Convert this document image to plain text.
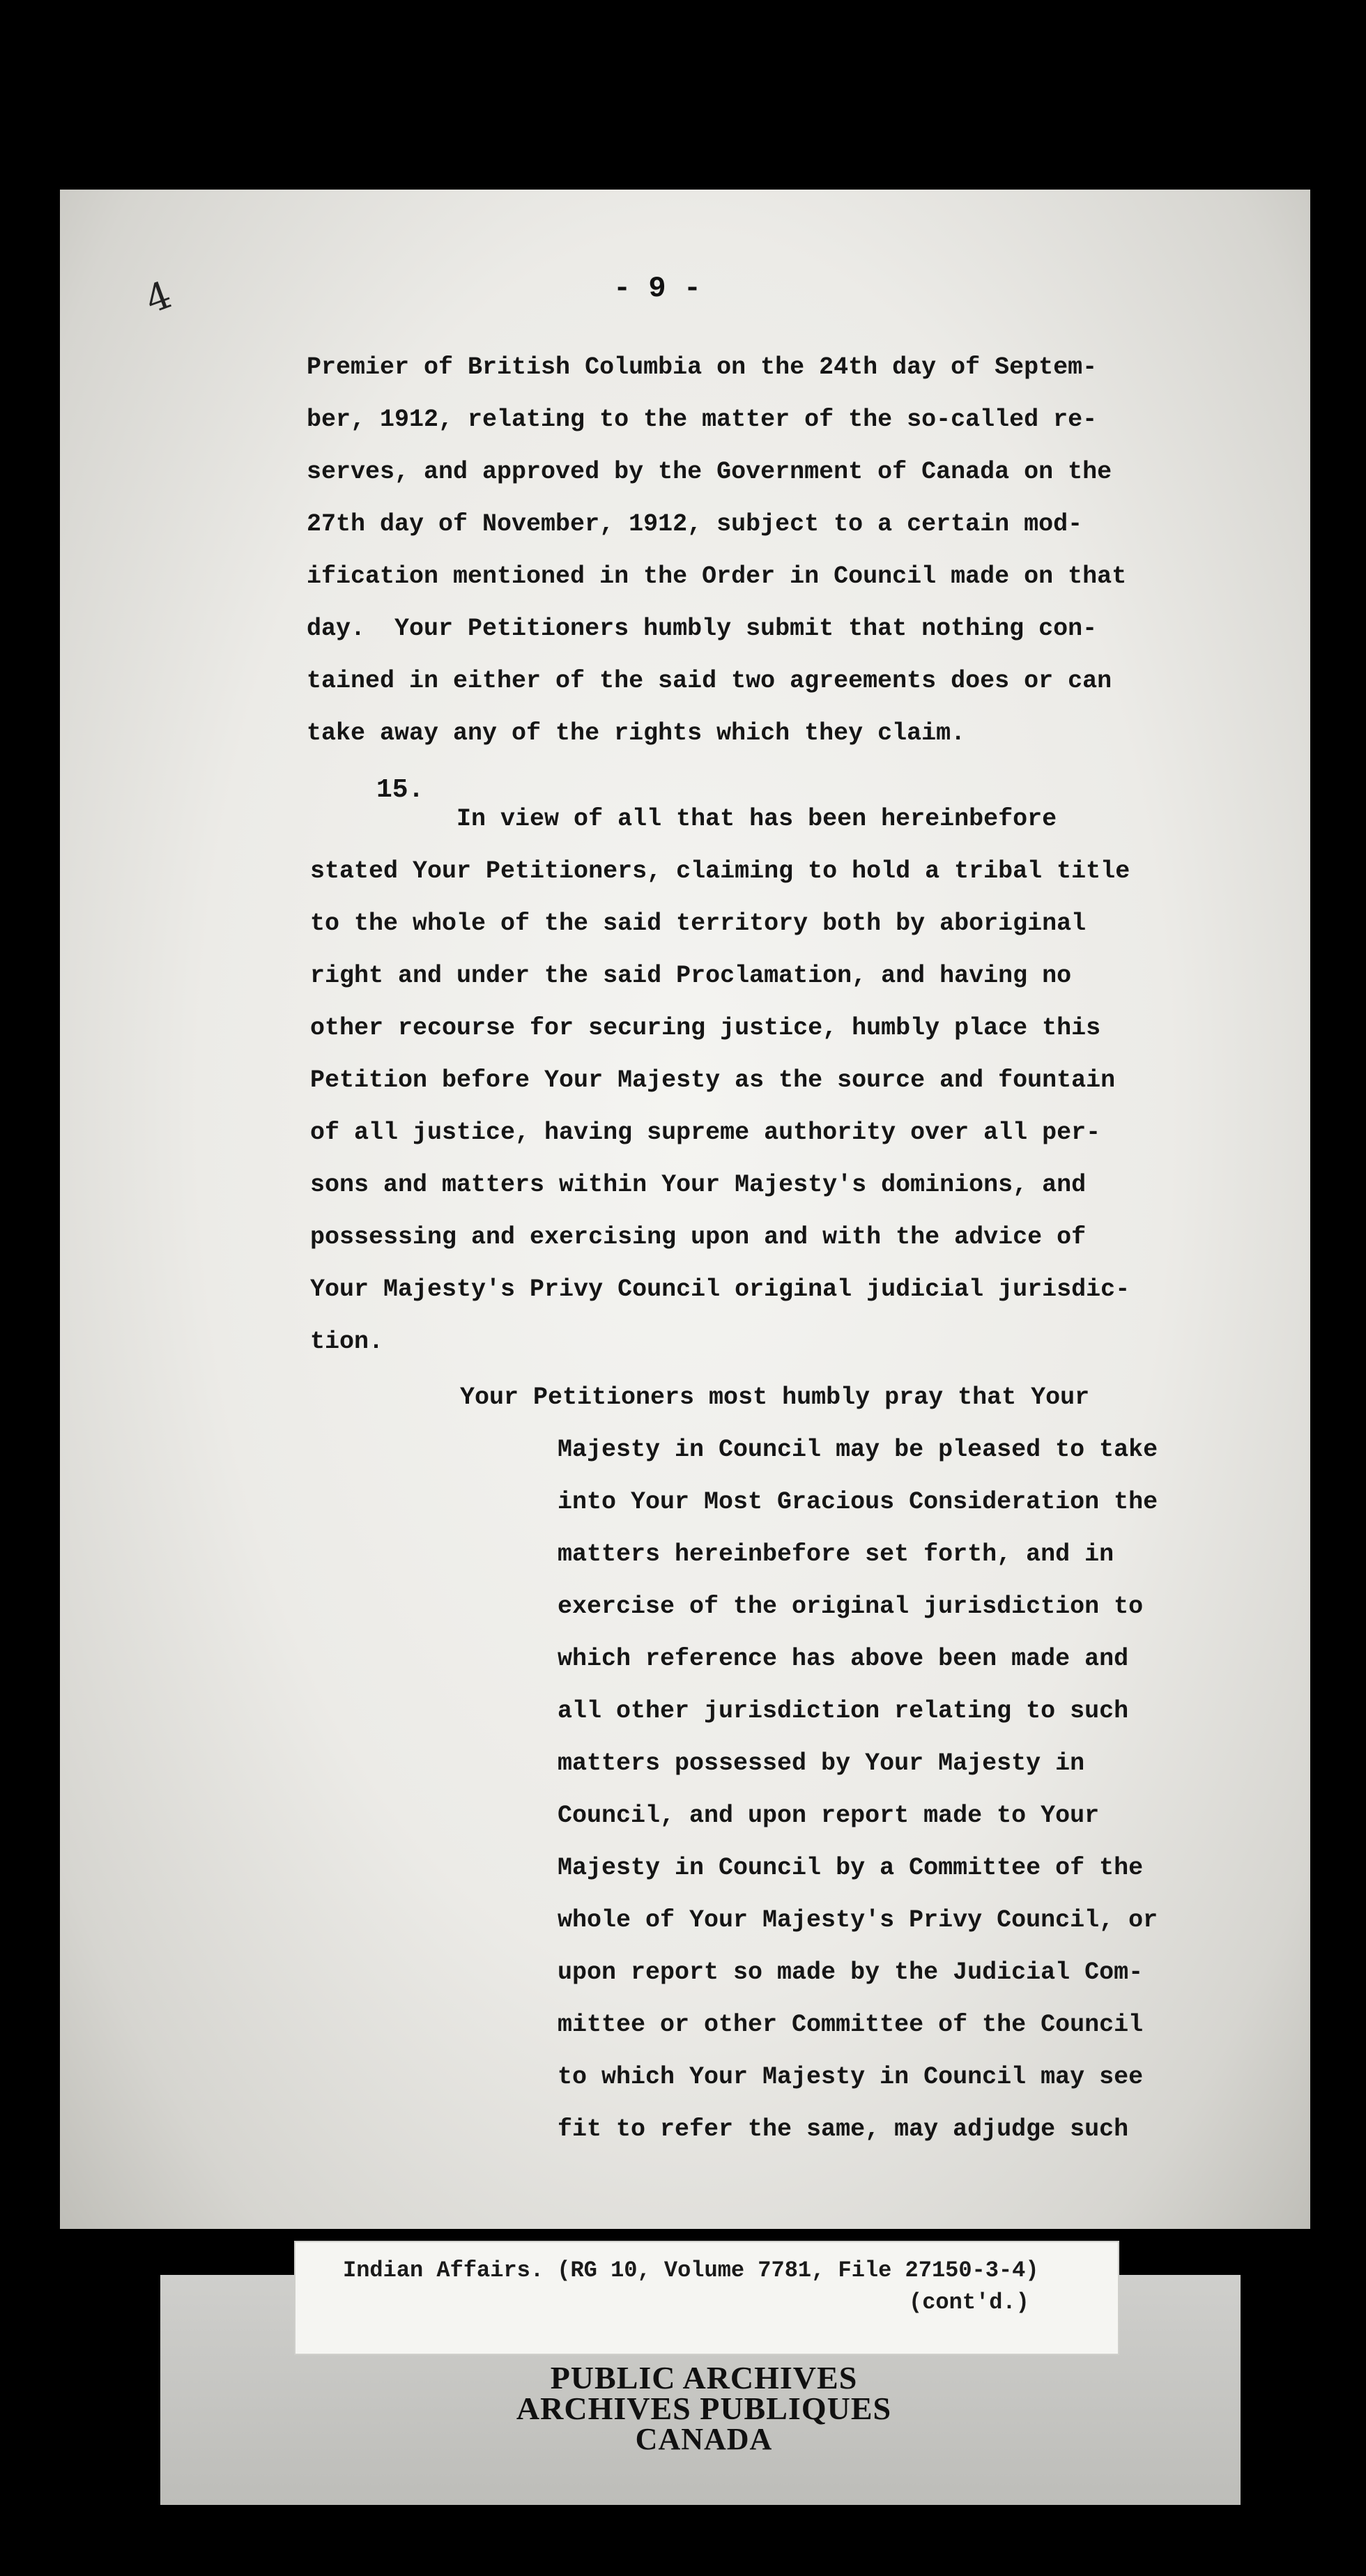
4	- 9 -
Premier of British Columbia on the 24th day of Septem-
ber, 1912, relating to the matter of the so-called re-
serves, and approved by the Government of Canada on the
27th day of November, 1912, subject to a certain mod-
ification mentioned in the Order in Council made on that
day.  Your Petitioners humbly submit that nothing con-
tained in either of the said two agreements does or can
take away any of the rights which they claim.
15.
In view of all that has been hereinbefore
stated Your Petitioners, claiming to hold a tribal title
to the whole of the said territory both by aboriginal
right and under the said Proclamation, and having no
other recourse for securing justice, humbly place this
Petition before Your Majesty as the source and fountain
of all justice, having supreme authority over all per-
sons and matters within Your Majesty's dominions, and
possessing and exercising upon and with the advice of
Your Majesty's Privy Council original judicial jurisdic-
tion.
Your Petitioners most humbly pray that Your
Majesty in Council may be pleased to take
into Your Most Gracious Consideration the
matters hereinbefore set forth, and in
exercise of the original jurisdiction to
which reference has above been made and
all other jurisdiction relating to such
matters possessed by Your Majesty in
Council, and upon report made to Your
Majesty in Council by a Committee of the
whole of Your Majesty's Privy Council, or
upon report so made by the Judicial Com-
mittee or other Committee of the Council
to which Your Majesty in Council may see
fit to refer the same, may adjudge such
Indian Affairs. (RG 10, Volume 7781, File 27150-3-4)
(cont'd.)
PUBLIC ARCHIVES
ARCHIVES PUBLIQUES
CANADA
